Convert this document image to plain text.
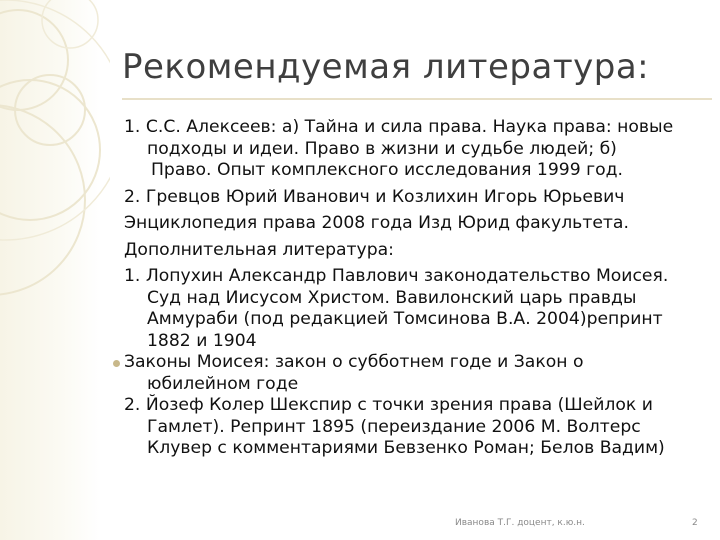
Рекомендуемая литература:
1. С.С. Алексеев: а) Тайна и сила права. Наука права: новые
подходы и идеи. Право в жизни и судьбе людей; б)
Право. Опыт комплексного исследования 1999 год.
2. Гревцов Юрий Иванович и Козлихин Игорь Юрьевич
Энциклопедия права 2008 года Изд Юрид факультета.
Дополнительная литература:
1. Лопухин Александр Павлович законодательство Моисея.
Суд над Иисусом Христом. Вавилонский царь правды
Аммураби (под редакцией Томсинова В.А. 2004)репринт
1882 и 1904
Законы Моисея: закон о субботнем годе и Закон о
юбилейном годе
2. Йозеф Колер Шекспир с точки зрения права (Шейлок и
Гамлет). Репринт 1895 (переиздание 2006 М. Волтерс
Клувер с комментариями Бевзенко Роман; Белов Вадим)
Иванова Т.Г. доцент, к.ю.н.	2
